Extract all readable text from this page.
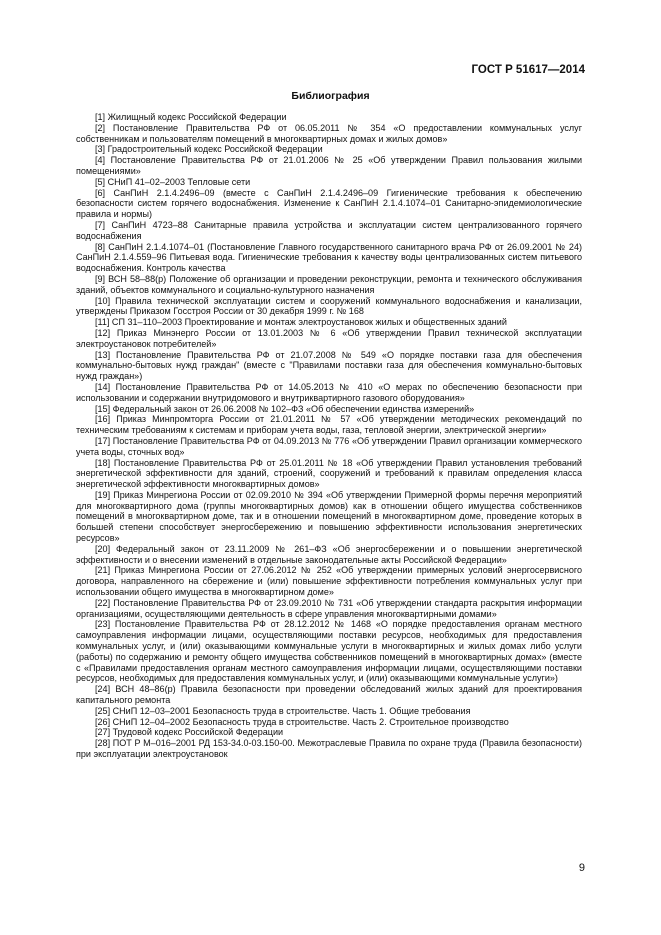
ГОСТ Р 51617—2014
Библиография

[1] Жилищный кодекс Российской Федерации

[2] Постановление Правительства РФ от 06.05.2011 № 354 «О предоставлении коммунальных услуг собственникам и пользователям помещений в многоквартирных домах и жилых домов»

[3] Градостроительный кодекс Российской Федерации

[4] Постановление Правительства РФ от 21.01.2006 № 25 «Об утверждении Правил пользования жилыми помещениями»

[5] СНиП 41–02–2003 Тепловые сети

[6] СанПиН 2.1.4.2496–09 (вместе с СанПиН 2.1.4.2496–09 Гигиенические требования к обеспечению безопасности систем горячего водоснабжения. Изменение к СанПиН 2.1.4.1074–01 Санитарно-эпидемиологические правила и нормы)

[7] СанПиН 4723–88 Санитарные правила устройства и эксплуатации систем централизованного горячего водоснабжения

[8] СанПиН 2.1.4.1074–01 (Постановление Главного государственного санитарного врача РФ от 26.09.2001 № 24) СанПиН 2.1.4.559–96 Питьевая вода. Гигиенические требования к качеству воды централизованных систем питьевого водоснабжения. Контроль качества

[9] ВСН 58–88(р) Положение об организации и проведении реконструкции, ремонта и технического обслуживания зданий, объектов коммунального и социально-культурного назначения

[10] Правила технической эксплуатации систем и сооружений коммунального водоснабжения и канализации, утверждены Приказом Госстроя России от 30 декабря 1999 г. № 168

[11] СП 31–110–2003 Проектирование и монтаж электроустановок жилых и общественных зданий

[12] Приказ Минэнерго России от 13.01.2003 № 6 «Об утверждении Правил технической эксплуатации электроустановок потребителей»

[13] Постановление Правительства РФ от 21.07.2008 № 549 «О порядке поставки газа для обеспечения коммунально-бытовых нужд граждан" (вместе с "Правилами поставки газа для обеспечения коммунально-бытовых нужд граждан»)

[14] Постановление Правительства РФ от 14.05.2013 № 410 «О мерах по обеспечению безопасности при использовании и содержании внутридомового и внутриквартирного газового оборудования»

[15] Федеральный закон от 26.06.2008 № 102–ФЗ «Об обеспечении единства измерений»

[16] Приказ Минпромторга России от 21.01.2011 № 57 «Об утверждении методических рекомендаций по техническим требованиям к системам и приборам учета воды, газа, тепловой энергии, электрической энергии»

[17] Постановление Правительства РФ от 04.09.2013 № 776 «Об утверждении Правил организации коммерческого учета воды, сточных вод»

[18] Постановление Правительства РФ от 25.01.2011 № 18 «Об утверждении Правил установления требований энергетической эффективности для зданий, строений, сооружений и требований к правилам определения класса энергетической эффективности многоквартирных домов»

[19] Приказ Минрегиона России от 02.09.2010 № 394 «Об утверждении Примерной формы перечня мероприятий для многоквартирного дома (группы многоквартирных домов) как в отношении общего имущества собственников помещений в многоквартирном доме, так и в отношении помещений в многоквартирном доме, проведение которых в большей степени способствует энергосбережению и повышению эффективности использования энергетических ресурсов»

[20] Федеральный закон от 23.11.2009 № 261–ФЗ «Об энергосбережении и о повышении энергетической эффективности и о внесении изменений в отдельные законодательные акты Российской Федерации»

[21] Приказ Минрегиона России от 27.06.2012 № 252 «Об утверждении примерных условий энергосервисного договора, направленного на сбережение и (или) повышение эффективности потребления коммунальных услуг при использовании общего имущества в многоквартирном доме»

[22] Постановление Правительства РФ от 23.09.2010 № 731 «Об утверждении стандарта раскрытия информации организациями, осуществляющими деятельность в сфере управления многоквартирными домами»

[23] Постановление Правительства РФ от 28.12.2012 № 1468 «О порядке предоставления органам местного самоуправления информации лицами, осуществляющими поставки ресурсов, необходимых для предоставления коммунальных услуг, и (или) оказывающими коммунальные услуги в многоквартирных и жилых домах либо услуги (работы) по содержанию и ремонту общего имущества собственников помещений в многоквартирных домах» (вместе с «Правилами предоставления органам местного самоуправления информации лицами, осуществляющими поставки ресурсов, необходимых для предоставления коммунальных услуг, и (или) оказывающими коммунальные услуги»)

[24] ВСН 48–86(р) Правила безопасности при проведении обследований жилых зданий для проектирования капитального ремонта

[25] СНиП 12–03–2001 Безопасность труда в строительстве. Часть 1. Общие требования

[26] СНиП 12–04–2002 Безопасность труда в строительстве. Часть 2. Строительное производство

[27] Трудовой кодекс Российской Федерации

[28] ПОТ Р М–016–2001 РД 153-34.0-03.150-00. Межотраслевые Правила по охране труда (Правила безопасности) при эксплуатации электроустановок

9
